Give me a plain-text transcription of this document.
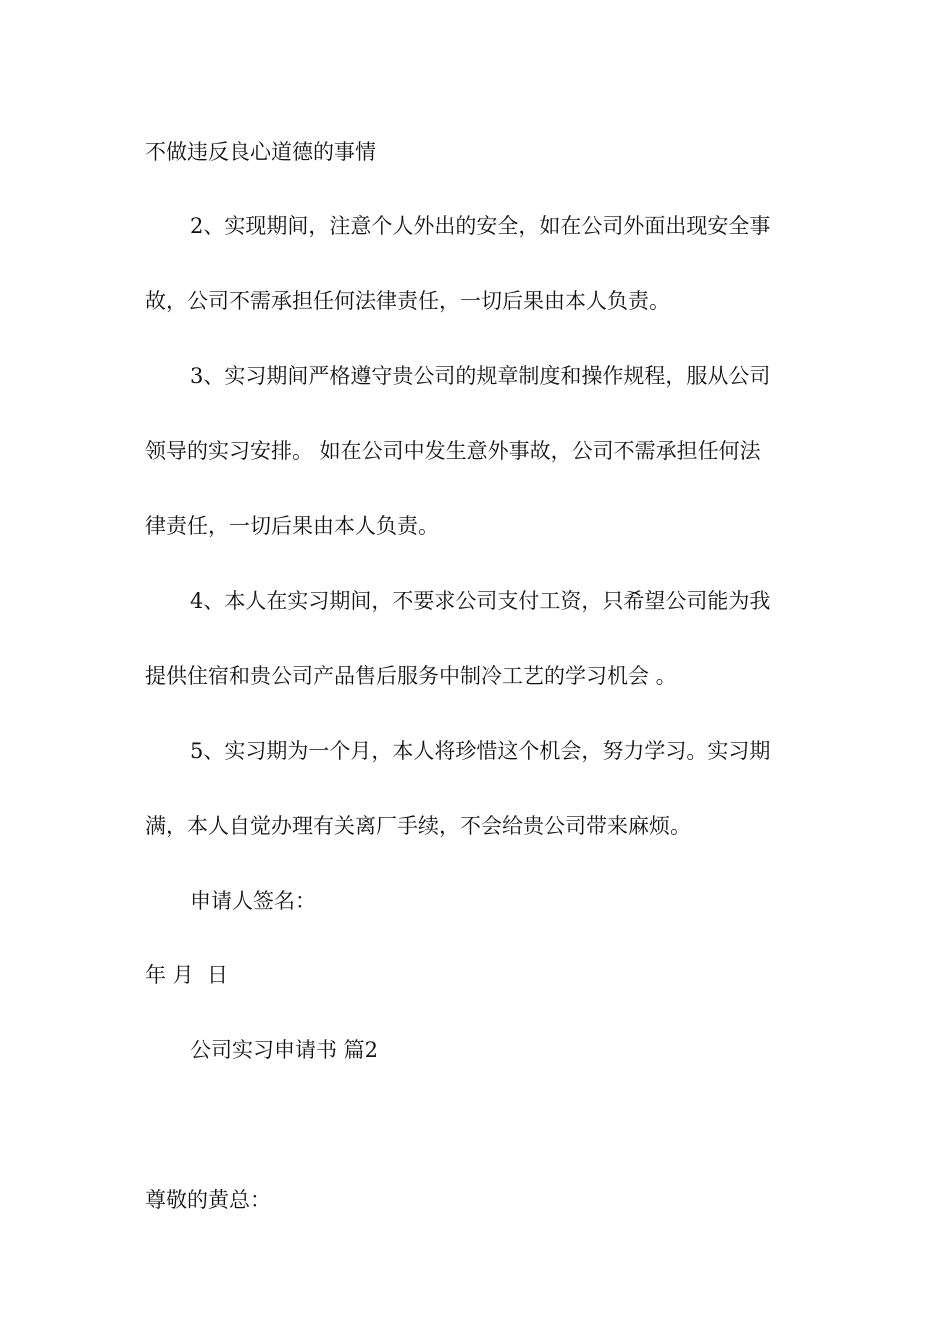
不做违反良心道德的事情
2、实现期间，注意个人外出的安全，如在公司外面出现安全事
故，公司不需承担任何法律责任，一切后果由本人负责。
3、实习期间严格遵守贵公司的规章制度和操作规程，服从公司
领导的实习安排。 如在公司中发生意外事故，公司不需承担任何法
律责任，一切后果由本人负责。
4、本人在实习期间，不要求公司支付工资，只希望公司能为我
提供住宿和贵公司产品售后服务中制冷工艺的学习机会 。
5、实习期为一个月，本人将珍惜这个机会，努力学习。实习期
满，本人自觉办理有关离厂手续，不会给贵公司带来麻烦。
申请人签名：
年 月  日
公司实习申请书 篇2
尊敬的黄总：
